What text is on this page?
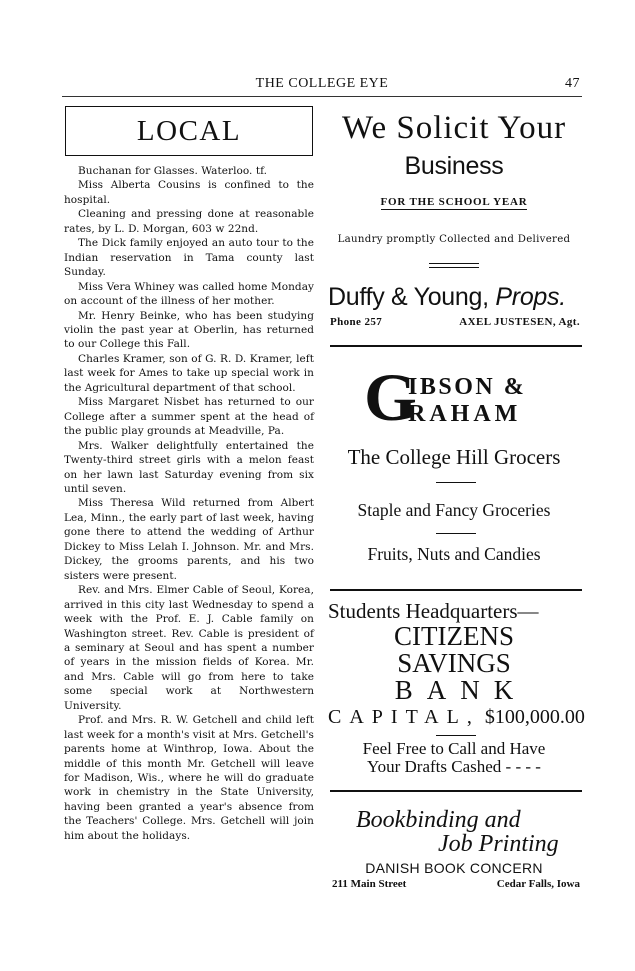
THE COLLEGE EYE	47
LOCAL

Buchanan for Glasses. Waterloo. tf.

Miss Alberta Cousins is confined to the hospital.

Cleaning and pressing done at reasonable rates, by L. D. Morgan, 603 w 22nd.

The Dick family enjoyed an auto tour to the Indian reservation in Tama county last Sunday.

Miss Vera Whiney was called home Monday on account of the illness of her mother.

Mr. Henry Beinke, who has been studying violin the past year at Oberlin, has returned to our College this Fall.

Charles Kramer, son of G. R. D. Kramer, left last week for Ames to take up special work in the Agricultural department of that school.

Miss Margaret Nisbet has returned to our College after a summer spent at the head of the public play grounds at Meadville, Pa.

Mrs. Walker delightfully entertained the Twenty-third street girls with a melon feast on her lawn last Saturday evening from six until seven.

Miss Theresa Wild returned from Albert Lea, Minn., the early part of last week, having gone there to attend the wedding of Arthur Dickey to Miss Lelah I. Johnson. Mr. and Mrs. Dickey, the grooms parents, and his two sisters were present.

Rev. and Mrs. Elmer Cable of Seoul, Korea, arrived in this city last Wednesday to spend a week with the Prof. E. J. Cable family on Washington street. Rev. Cable is president of a seminary at Seoul and has spent a number of years in the mission fields of Korea. Mr. and Mrs. Cable will go from here to take some special work at Northwestern University.

Prof. and Mrs. R. W. Getchell and child left last week for a month's visit at Mrs. Getchell's parents home at Winthrop, Iowa. About the middle of this month Mr. Getchell will leave for Madison, Wis., where he will do graduate work in chemistry in the State University, having been granted a year's absence from the Teachers' College. Mrs. Getchell will join him about the holidays.

We Solicit Your
Business
FOR THE SCHOOL YEAR
Laundry promptly Collected and Delivered
Duffy & Young, Props.
Phone 257	AXEL JUSTESEN, Agt.
G
IBSON &
RAHAM
The College Hill Grocers
Staple and Fancy Groceries
Fruits, Nuts and Candies
Students Headquarters—
CITIZENS
SAVINGS
BANK
CAPITAL, $100,000.00
Feel Free to Call and Have
Your Drafts Cashed - - - -
Bookbinding and
Job Printing
DANISH BOOK CONCERN
211 Main Street	Cedar Falls, Iowa
